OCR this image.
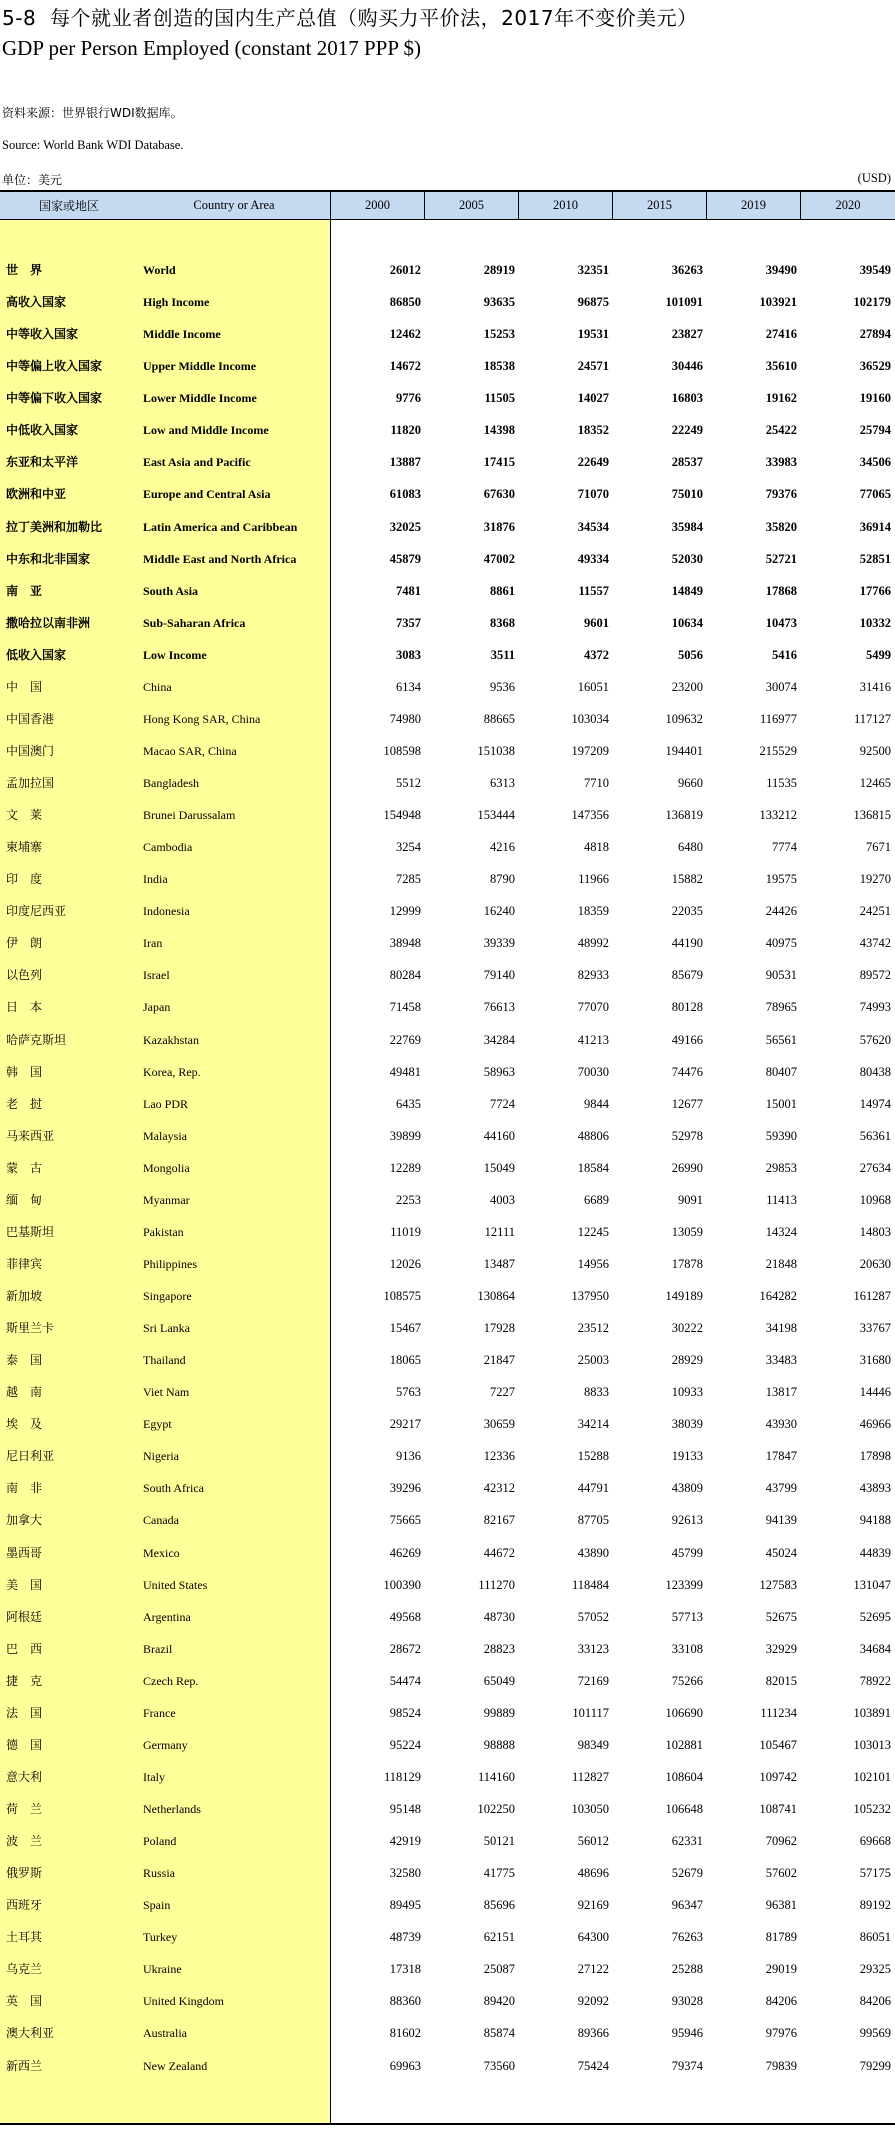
5-8 每个就业者创造的国内生产总值（购买力平价法，2017年不变价美元）
GDP per Person Employed (constant 2017 PPP $)
资料来源：世界银行WDI数据库。
Source: World Bank WDI Database.
单位：美元	(USD)
国家或地区	Country or Area	2000	2005	2010	2015	2019	2020
世　界	World	26012	28919	32351	36263	39490	39549
高收入国家	High Income	86850	93635	96875	101091	103921	102179
中等收入国家	Middle Income	12462	15253	19531	23827	27416	27894
中等偏上收入国家	Upper Middle Income	14672	18538	24571	30446	35610	36529
中等偏下收入国家	Lower Middle Income	9776	11505	14027	16803	19162	19160
中低收入国家	Low and Middle Income	11820	14398	18352	22249	25422	25794
东亚和太平洋	East Asia and Pacific	13887	17415	22649	28537	33983	34506
欧洲和中亚	Europe and Central Asia	61083	67630	71070	75010	79376	77065
拉丁美洲和加勒比	Latin America and Caribbean	32025	31876	34534	35984	35820	36914
中东和北非国家	Middle East and North Africa	45879	47002	49334	52030	52721	52851
南　亚	South Asia	7481	8861	11557	14849	17868	17766
撒哈拉以南非洲	Sub-Saharan Africa	7357	8368	9601	10634	10473	10332
低收入国家	Low Income	3083	3511	4372	5056	5416	5499
中　国	China	6134	9536	16051	23200	30074	31416
中国香港	Hong Kong SAR, China	74980	88665	103034	109632	116977	117127
中国澳门	Macao SAR, China	108598	151038	197209	194401	215529	92500
孟加拉国	Bangladesh	5512	6313	7710	9660	11535	12465
文　莱	Brunei Darussalam	154948	153444	147356	136819	133212	136815
柬埔寨	Cambodia	3254	4216	4818	6480	7774	7671
印　度	India	7285	8790	11966	15882	19575	19270
印度尼西亚	Indonesia	12999	16240	18359	22035	24426	24251
伊　朗	Iran	38948	39339	48992	44190	40975	43742
以色列	Israel	80284	79140	82933	85679	90531	89572
日　本	Japan	71458	76613	77070	80128	78965	74993
哈萨克斯坦	Kazakhstan	22769	34284	41213	49166	56561	57620
韩　国	Korea, Rep.	49481	58963	70030	74476	80407	80438
老　挝	Lao PDR	6435	7724	9844	12677	15001	14974
马来西亚	Malaysia	39899	44160	48806	52978	59390	56361
蒙　古	Mongolia	12289	15049	18584	26990	29853	27634
缅　甸	Myanmar	2253	4003	6689	9091	11413	10968
巴基斯坦	Pakistan	11019	12111	12245	13059	14324	14803
菲律宾	Philippines	12026	13487	14956	17878	21848	20630
新加坡	Singapore	108575	130864	137950	149189	164282	161287
斯里兰卡	Sri Lanka	15467	17928	23512	30222	34198	33767
泰　国	Thailand	18065	21847	25003	28929	33483	31680
越　南	Viet Nam	5763	7227	8833	10933	13817	14446
埃　及	Egypt	29217	30659	34214	38039	43930	46966
尼日利亚	Nigeria	9136	12336	15288	19133	17847	17898
南　非	South Africa	39296	42312	44791	43809	43799	43893
加拿大	Canada	75665	82167	87705	92613	94139	94188
墨西哥	Mexico	46269	44672	43890	45799	45024	44839
美　国	United States	100390	111270	118484	123399	127583	131047
阿根廷	Argentina	49568	48730	57052	57713	52675	52695
巴　西	Brazil	28672	28823	33123	33108	32929	34684
捷　克	Czech Rep.	54474	65049	72169	75266	82015	78922
法　国	France	98524	99889	101117	106690	111234	103891
德　国	Germany	95224	98888	98349	102881	105467	103013
意大利	Italy	118129	114160	112827	108604	109742	102101
荷　兰	Netherlands	95148	102250	103050	106648	108741	105232
波　兰	Poland	42919	50121	56012	62331	70962	69668
俄罗斯	Russia	32580	41775	48696	52679	57602	57175
西班牙	Spain	89495	85696	92169	96347	96381	89192
土耳其	Turkey	48739	62151	64300	76263	81789	86051
乌克兰	Ukraine	17318	25087	27122	25288	29019	29325
英　国	United Kingdom	88360	89420	92092	93028	84206	84206
澳大利亚	Australia	81602	85874	89366	95946	97976	99569
新西兰	New Zealand	69963	73560	75424	79374	79839	79299
